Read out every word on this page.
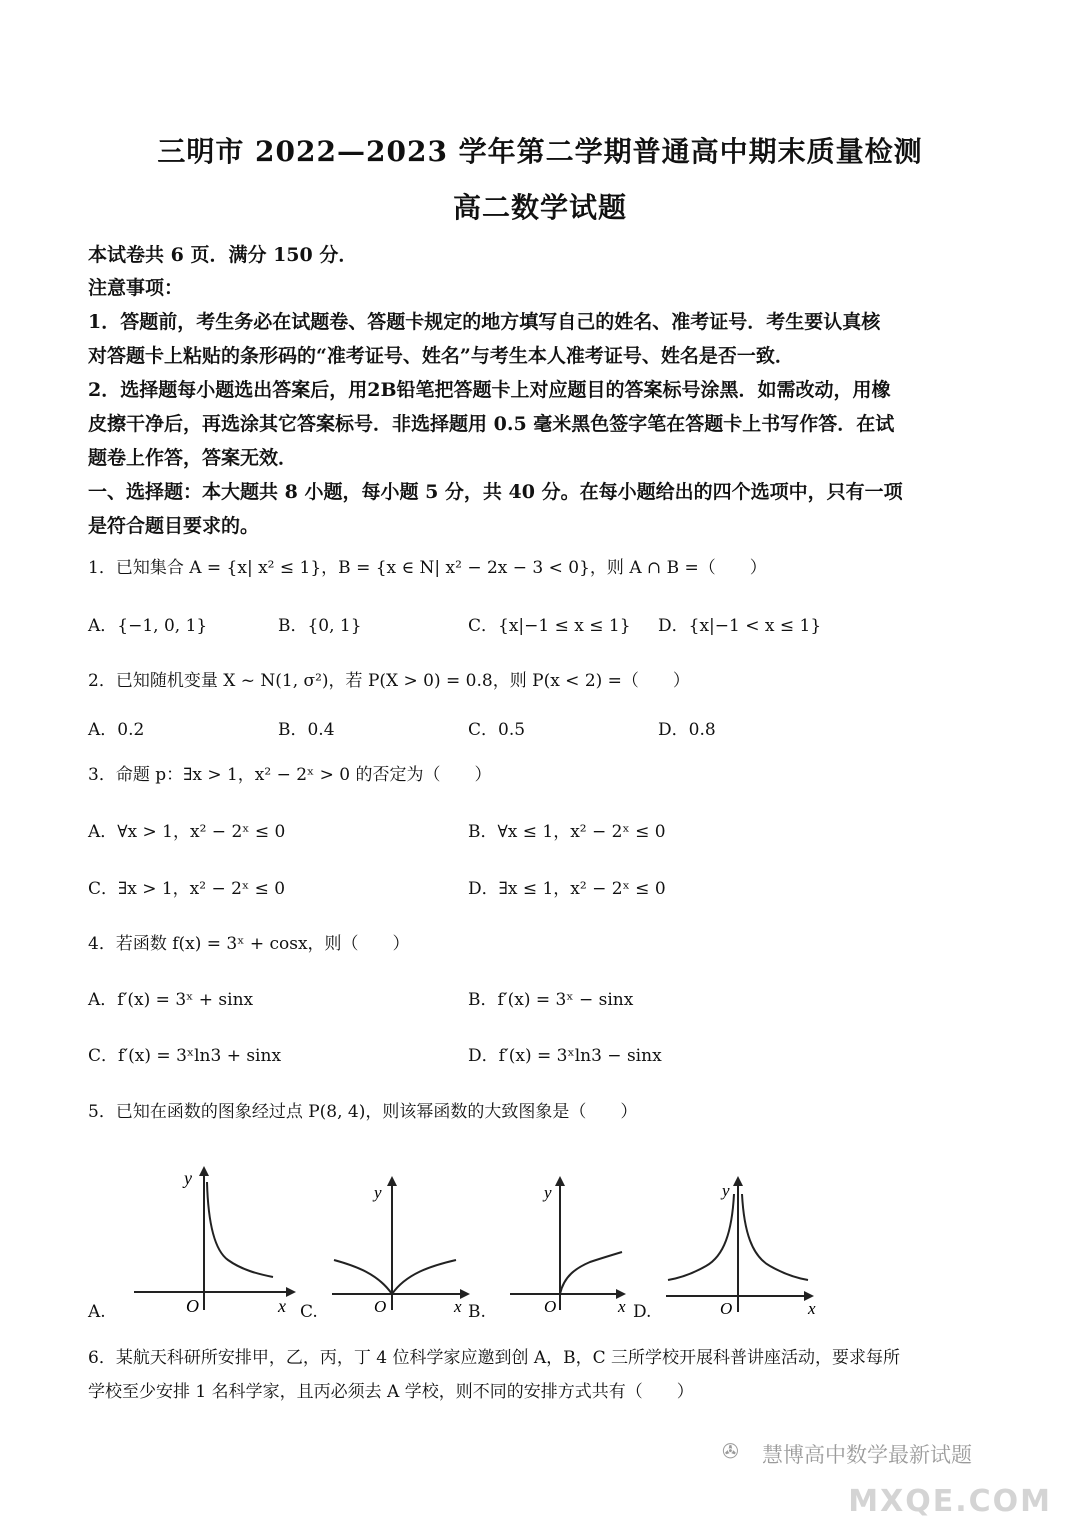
三明市 2022—2023 学年第二学期普通高中期末质量检测
高二数学试题
本试卷共 6 页．满分 150 分．
注意事项：
1．答题前，考生务必在试题卷、答题卡规定的地方填写自己的姓名、准考证号．考生要认真核
对答题卡上粘贴的条形码的“准考证号、姓名”与考生本人准考证号、姓名是否一致．
2．选择题每小题选出答案后，用2B铅笔把答题卡上对应题目的答案标号涂黑．如需改动，用橡
皮擦干净后，再选涂其它答案标号．非选择题用 0.5 毫米黑色签字笔在答题卡上书写作答．在试
题卷上作答，答案无效．
一、选择题：本大题共 8 小题，每小题 5 分，共 40 分。在每小题给出的四个选项中，只有一项
是符合题目要求的。
1．已知集合 A = {x| x² ≤ 1}，B = {x ∈ N| x² − 2x − 3 < 0}，则 A ∩ B =（　　）
A．{−1, 0, 1}	B．{0, 1}	C．{x|−1 ≤ x ≤ 1} D．{x|−1 < x ≤ 1}
2．已知随机变量 X ~ N(1, σ²)，若 P(X > 0) = 0.8，则 P(x < 2) =（　　）
A．0.2	B．0.4	C．0.5	D．0.8
3．命题 p：∃x > 1，x² − 2ˣ > 0 的否定为（　　）
A．∀x > 1，x² − 2ˣ ≤ 0	B．∀x ≤ 1，x² − 2ˣ ≤ 0
C．∃x > 1，x² − 2ˣ ≤ 0	D．∃x ≤ 1，x² − 2ˣ ≤ 0
4．若函数 f(x) = 3ˣ + cosx，则（　　）
A．f′(x) = 3ˣ + sinx	B．f′(x) = 3ˣ − sinx
C．f′(x) = 3ˣln3 + sinx	D．f′(x) = 3ˣln3 − sinx
5．已知在函数的图象经过点 P(8, 4)，则该幂函数的大致图象是（　　）
y
O	x
A.
y
O	x
C.
y
O	x
B.
y
O	x
D.
6．某航天科研所安排甲，乙，丙，丁 4 位科学家应邀到创 A，B，C 三所学校开展科普讲座活动，要求每所
学校至少安排 1 名科学家，且丙必须去 A 学校，则不同的安排方式共有（　　）
✇ 慧博高中数学最新试题
MXQE.COM
